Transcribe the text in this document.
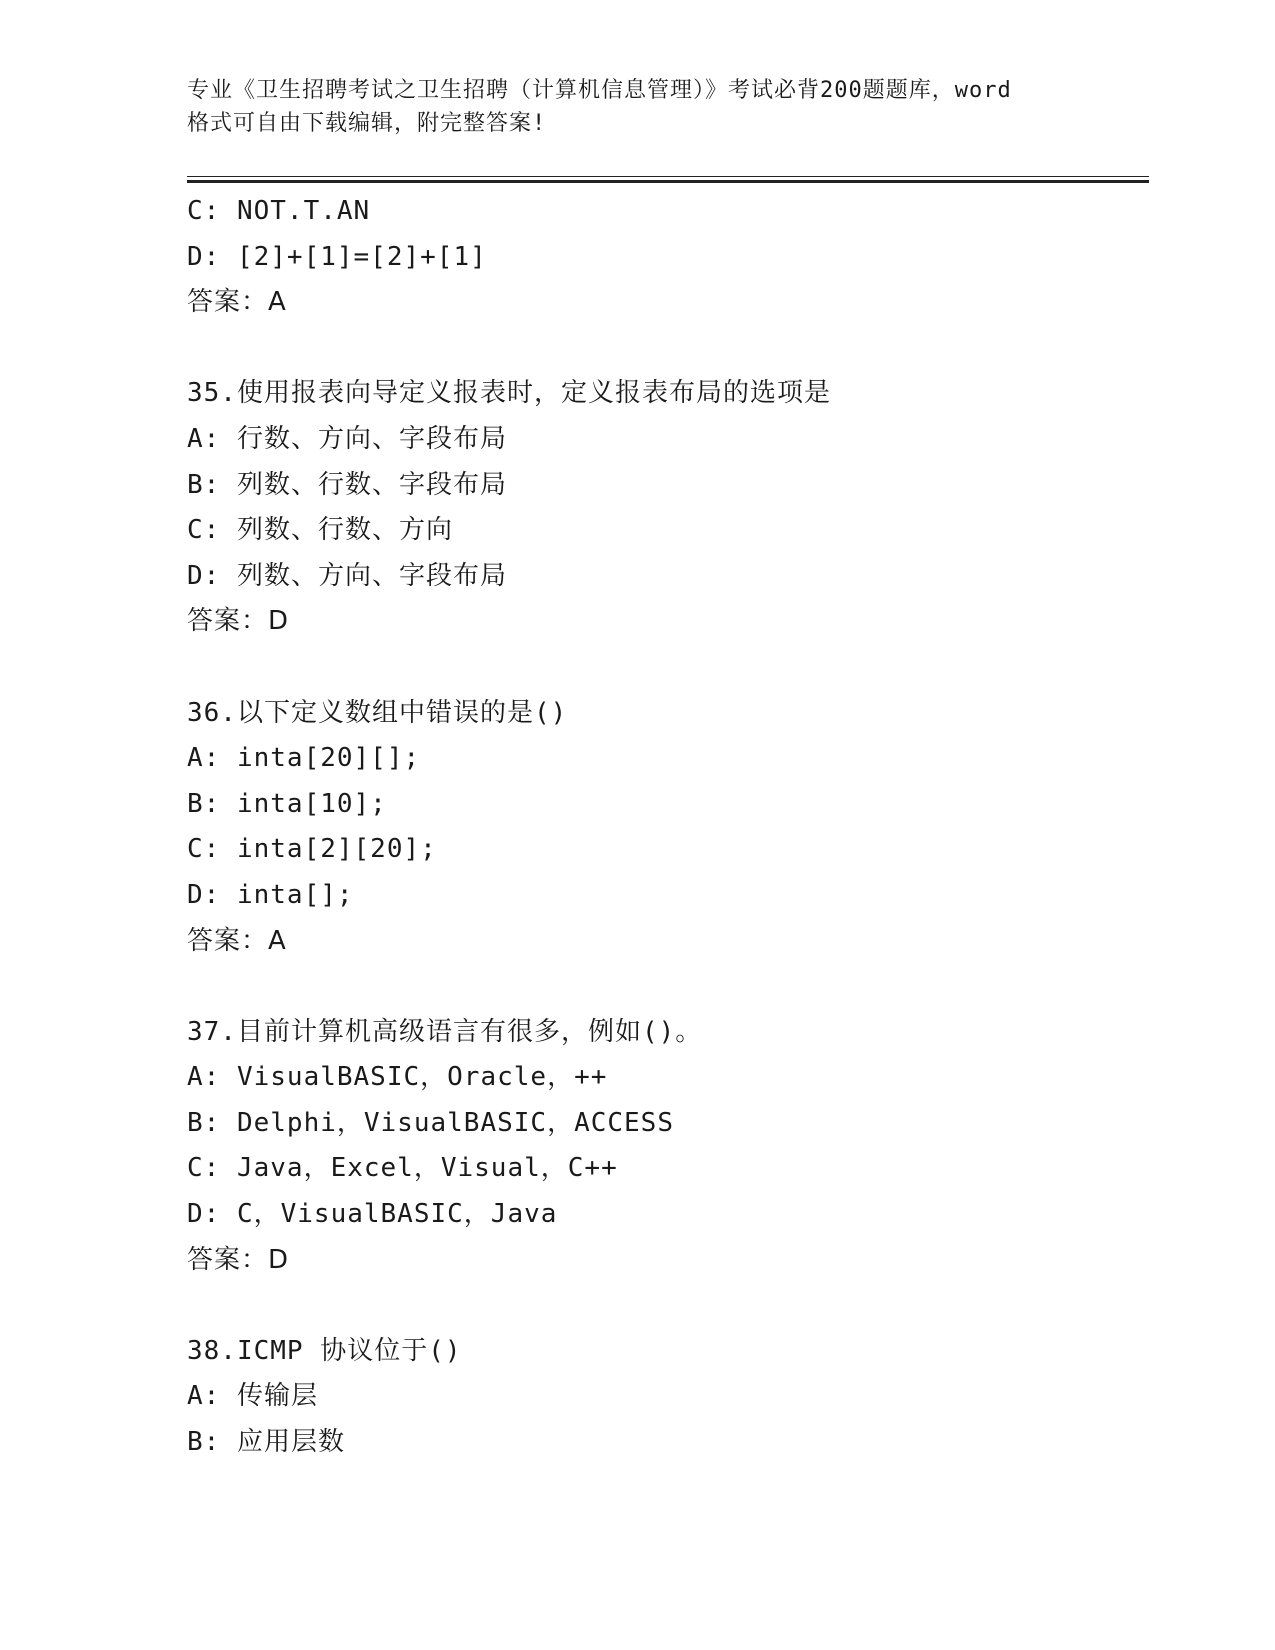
专业《卫生招聘考试之卫生招聘（计算机信息管理）》考试必背200题题库，word
格式可自由下载编辑，附完整答案!
C: NOT.T.AN
D: [2]+[1]=[2]+[1]
答案：A
35.使用报表向导定义报表时，定义报表布局的选项是
A: 行数、方向、字段布局
B: 列数、行数、字段布局
C: 列数、行数、方向
D: 列数、方向、字段布局
答案：D
36.以下定义数组中错误的是()
A: inta[20][];
B: inta[10];
C: inta[2][20];
D: inta[];
答案：A
37.目前计算机高级语言有很多，例如()。
A: VisualBASIC，Oracle，++
B: Delphi，VisualBASIC，ACCESS
C: Java，Excel，Visual，C++
D: C，VisualBASIC，Java
答案：D
38.ICMP 协议位于()
A: 传输层
B: 应用层数
